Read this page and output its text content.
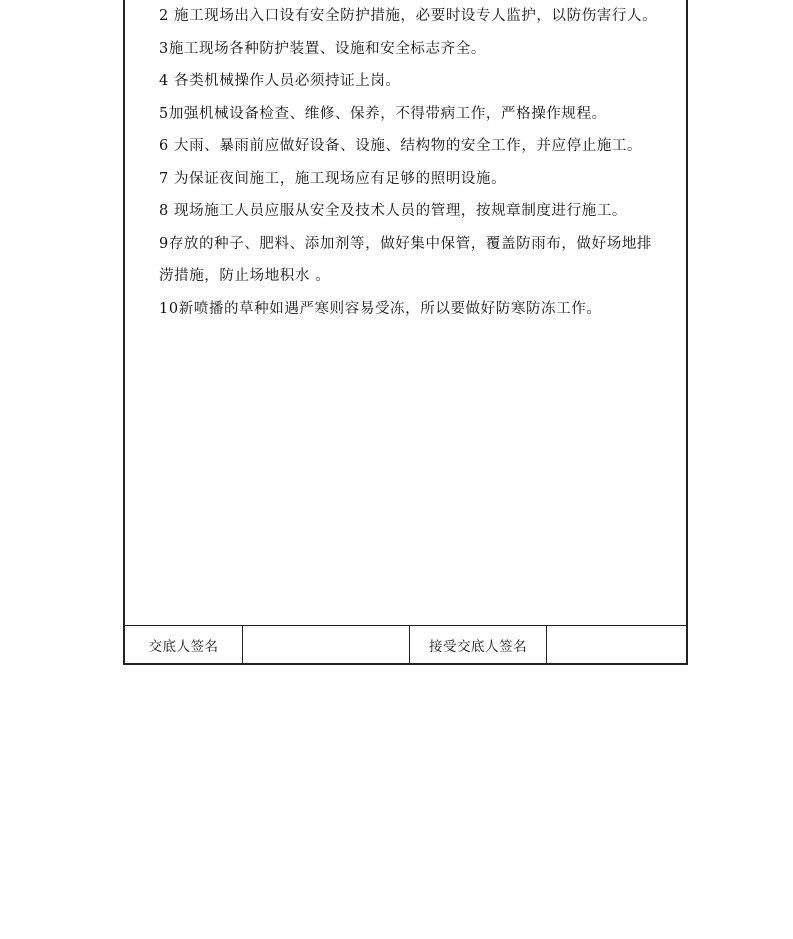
交底人签名	接受交底人签名
2 施工现场出入口设有安全防护措施，必要时设专人监护，以防伤害行人。
3施工现场各种防护装置、设施和安全标志齐全。
4 各类机械操作人员必须持证上岗。
5加强机械设备检查、维修、保养，不得带病工作，严格操作规程。
6 大雨、暴雨前应做好设备、设施、结构物的安全工作，并应停止施工。
7 为保证夜间施工，施工现场应有足够的照明设施。
8 现场施工人员应服从安全及技术人员的管理，按规章制度进行施工。
9存放的种子、肥料、添加剂等，做好集中保管，覆盖防雨布，做好场地排
涝措施，防止场地积水 。
10新喷播的草种如遇严寒则容易受冻，所以要做好防寒防冻工作。
